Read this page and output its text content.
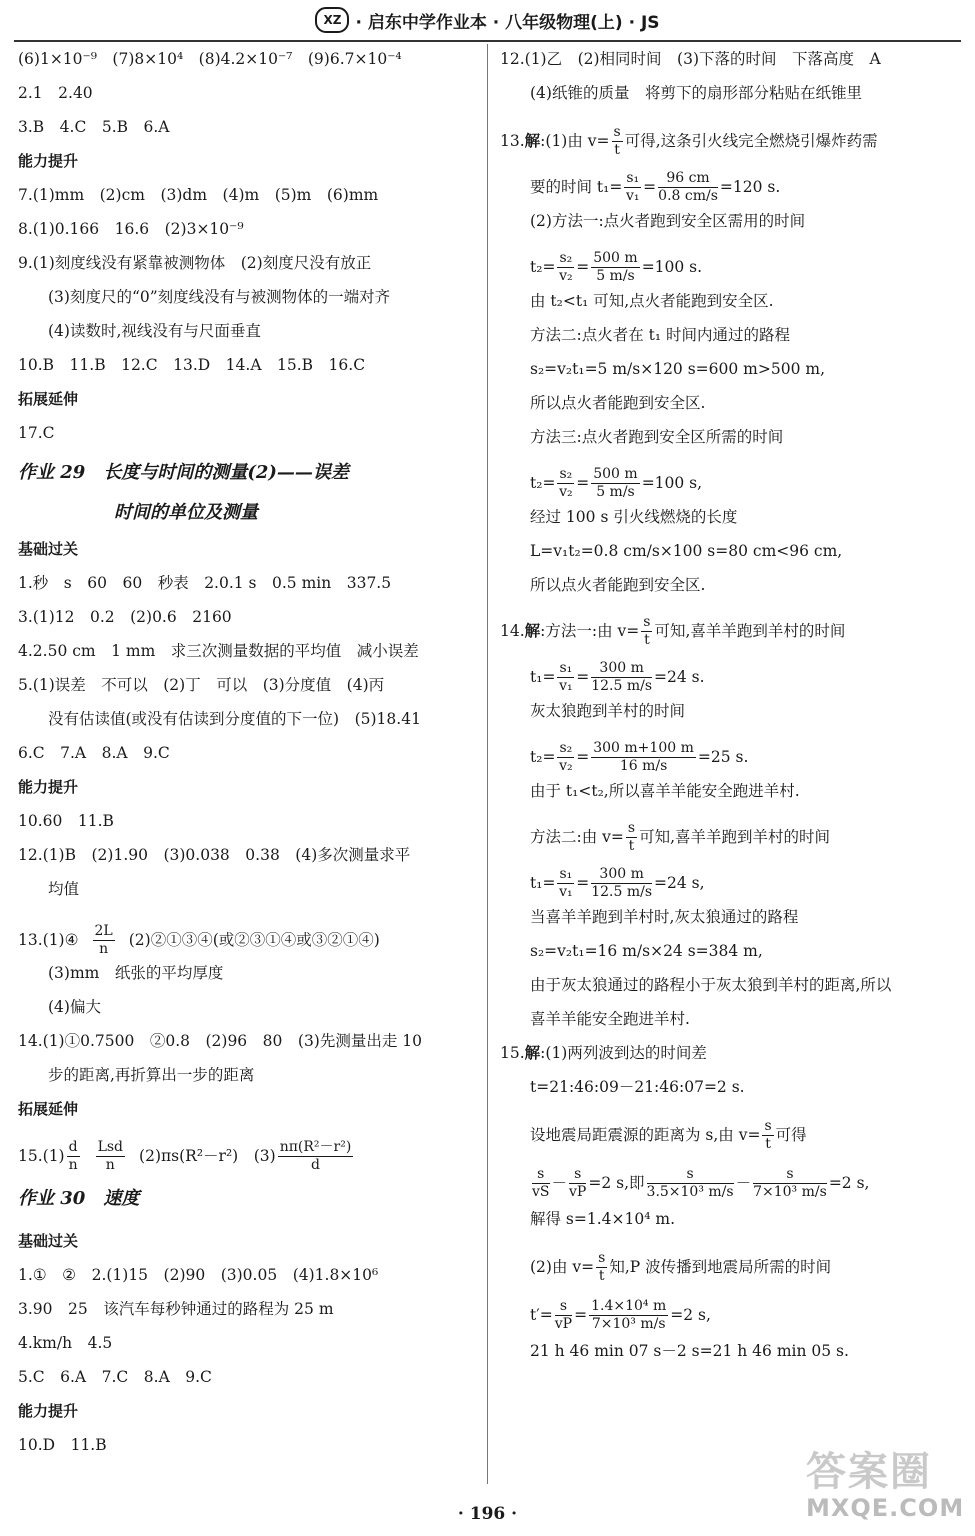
XZ · 启东中学作业本 · 八年级物理(上) · JS
(6)1×10⁻⁹　(7)8×10⁴　(8)4.2×10⁻⁷　(9)6.7×10⁻⁴
2.1　2.40
3.B　4.C　5.B　6.A
能力提升
7.(1)mm　(2)cm　(3)dm　(4)m　(5)m　(6)mm
8.(1)0.166　16.6　(2)3×10⁻⁹
9.(1)刻度线没有紧靠被测物体　(2)刻度尺没有放正
(3)刻度尺的“0”刻度线没有与被测物体的一端对齐
(4)读数时,视线没有与尺面垂直
10.B　11.B　12.C　13.D　14.A　15.B　16.C
拓展延伸
17.C
作业 29　长度与时间的测量(2)——误差
时间的单位及测量
基础过关
1.秒　s　60　60　秒表　2.0.1 s　0.5 min　337.5
3.(1)12　0.2　(2)0.6　2160
4.2.50 cm　1 mm　求三次测量数据的平均值　减小误差
5.(1)误差　不可以　(2)丁　可以　(3)分度值　(4)丙
没有估读值(或没有估读到分度值的下一位)　(5)18.41
6.C　7.A　8.A　9.C
能力提升
10.60　11.B
12.(1)B　(2)1.90　(3)0.038　0.38　(4)多次测量求平
均值
13.(1)④ $\frac{2L}{n}$ (2)②①③④(或②③①④或③②①④)
(3)mm　纸张的平均厚度
(4)偏大
14.(1)①0.7500　②0.8　(2)96　80　(3)先测量出走 10
步的距离,再折算出一步的距离
拓展延伸
$15.(1) \frac{d}{n} \frac{\text{Lsd}}{n} (2)\pi s(R^2-r^2)$　$(3) \frac{\text{nπ(R²－r²)}}{d}$
作业 30　速度
基础过关
1.①　②　2.(1)15　(2)90　(3)0.05　(4)1.8×10⁶
3.90　25　该汽车每秒钟通过的路程为 25 m
4.km/h　4.5
5.C　6.A　7.C　8.A　9.C
能力提升
10.D　11.B
12.(1)乙　(2)相同时间　(3)下落的时间　下落高度　A
(4)纸锥的质量　将剪下的扇形部分粘贴在纸锥里
13. 解 :(1)由 $v= \frac{s}{t}$ 可得,这条引火线完全燃烧引爆炸药需
要的时间 $t_1= \frac{\text{s₁}}{\text{v₁}} = \frac{96 cm}{0.8 cm/s} =120$ s.
(2)方法一:点火者跑到安全区需用的时间
$t_2= \frac{\text{s₂}}{\text{v₂}} = \frac{500 m}{5 m/s} =100$ s.
由 t₂<t₁ 可知,点火者能跑到安全区.
方法二:点火者在 t₁ 时间内通过的路程
s₂=v₂t₁=5 m/s×120 s=600 m>500 m,
所以点火者能跑到安全区.
方法三:点火者跑到安全区所需的时间
$t_2= \frac{\text{s₂}}{\text{v₂}} = \frac{500 m}{5 m/s} =100$ s,
经过 100 s 引火线燃烧的长度
L=v₁t₂=0.8 cm/s×100 s=80 cm<96 cm,
所以点火者能跑到安全区.
14. 解 :方法一:由 $v= \frac{s}{t}$ 可知,喜羊羊跑到羊村的时间
$t_1= \frac{\text{s₁}}{\text{v₁}} = \frac{300 m}{12.5 m/s} =24$ s.
灰太狼跑到羊村的时间
$t_2= \frac{\text{s₂}}{\text{v₂}} = \frac{300 m+100 m}{16 m/s} =25$ s.
由于 t₁<t₂,所以喜羊羊能安全跑进羊村.
方法二:由 $v= \frac{s}{t}$ 可知,喜羊羊跑到羊村的时间
$t_1= \frac{\text{s₁}}{\text{v₁}} = \frac{300 m}{12.5 m/s} =24$ s,
当喜羊羊跑到羊村时,灰太狼通过的路程
s₂=v₂t₁=16 m/s×24 s=384 m,
由于灰太狼通过的路程小于灰太狼到羊村的距离,所以
喜羊羊能安全跑进羊村.
15.解:(1)两列波到达的时间差
t=21:46:09－21:46:07=2 s.
设地震局距震源的距离为 s,由 $v= \frac{s}{t}$ 可得
$\frac{s}{vS} - \frac{s}{vP} =2$ s,即 $\frac{s}{\text{3.5×10³ m/s}} - \frac{s}{\text{7×10³ m/s}} =2$ s,
解得 s=1.4×10⁴ m.
(2)由 $v= \frac{s}{t}$ 知,P 波传播到地震局所需的时间
$t'= \frac{s}{vP} = \frac{\text{1.4×10⁴ m}}{\text{7×10³ m/s}} =2$ s,
21 h 46 min 07 s－2 s=21 h 46 min 05 s.
· 196 ·
答案圈
MXQE.COM
